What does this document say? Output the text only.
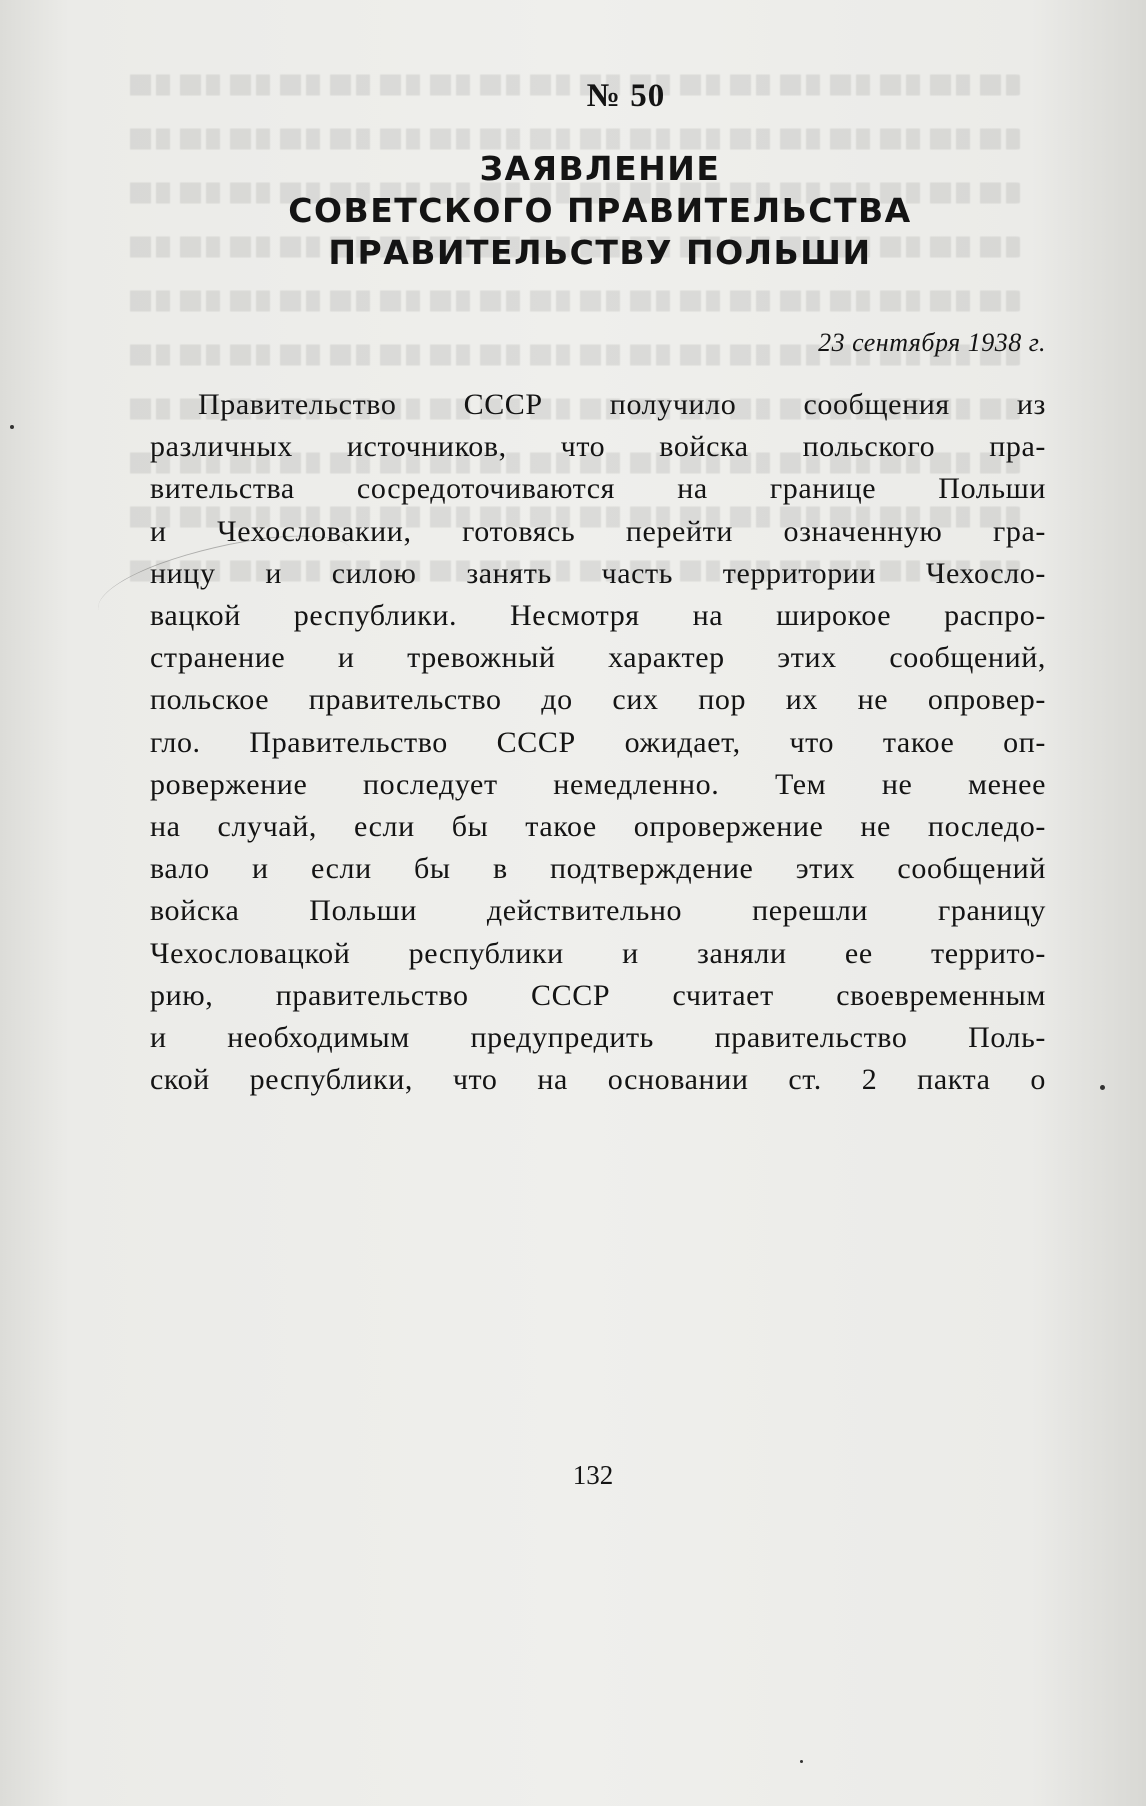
№ 50
ЗАЯВЛЕНИЕ
СОВЕТСКОГО ПРАВИТЕЛЬСТВА
ПРАВИТЕЛЬСТВУ ПОЛЬШИ
23 сентября 1938 г.
Правительство СССР получило сообщения из
различных источников, что войска польского пра-
вительства сосредоточиваются на границе Польши
и Чехословакии, готовясь перейти означенную гра-
ницу и силою занять часть территории Чехосло-
вацкой республики. Несмотря на широкое распро-
странение и тревожный характер этих сообщений,
польское правительство до сих пор их не опровер-
гло. Правительство СССР ожидает, что такое оп-
ровержение последует немедленно. Тем не менее
на случай, если бы такое опровержение не последо-
вало и если бы в подтверждение этих сообщений
войска Польши действительно перешли границу
Чехословацкой республики и заняли ее террито-
рию, правительство СССР считает своевременным
и необходимым предупредить правительство Поль-
ской республики, что на основании ст. 2 пакта о
132
